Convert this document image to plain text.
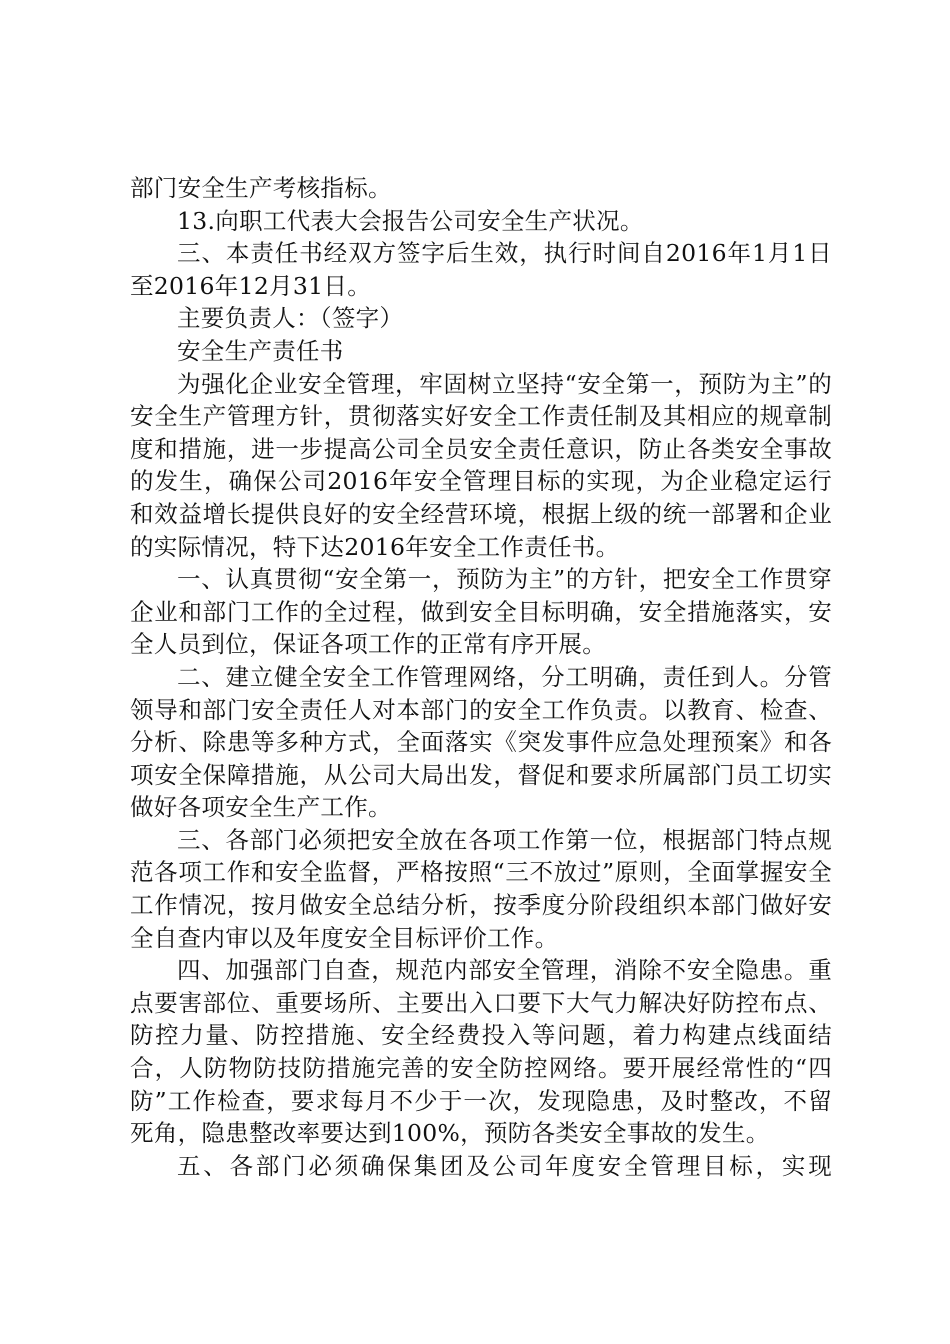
部门安全生产考核指标。

13.向职工代表大会报告公司安全生产状况。

三、本责任书经双方签字后生效，执行时间自2016年1月1日至2016年12月31日。

主要负责人：（签字）

安全生产责任书

为强化企业安全管理，牢固树立坚持“安全第一，预防为主”的安全生产管理方针，贯彻落实好安全工作责任制及其相应的规章制度和措施，进一步提高公司全员安全责任意识，防止各类安全事故的发生，确保公司2016年安全管理目标的实现，为企业稳定运行和效益增长提供良好的安全经营环境，根据上级的统一部署和企业的实际情况，特下达2016年安全工作责任书。

一、认真贯彻“安全第一，预防为主”的方针，把安全工作贯穿企业和部门工作的全过程，做到安全目标明确，安全措施落实，安全人员到位，保证各项工作的正常有序开展。

二、建立健全安全工作管理网络，分工明确，责任到人。分管领导和部门安全责任人对本部门的安全工作负责。以教育、检查、分析、除患等多种方式，全面落实《突发事件应急处理预案》和各项安全保障措施，从公司大局出发，督促和要求所属部门员工切实做好各项安全生产工作。

三、各部门必须把安全放在各项工作第一位，根据部门特点规范各项工作和安全监督，严格按照“三不放过”原则，全面掌握安全工作情况，按月做安全总结分析，按季度分阶段组织本部门做好安全自查内审以及年度安全目标评价工作。

四、加强部门自查，规范内部安全管理，消除不安全隐患。重点要害部位、重要场所、主要出入口要下大气力解决好防控布点、防控力量、防控措施、安全经费投入等问题，着力构建点线面结合，人防物防技防措施完善的安全防控网络。要开展经常性的“四防”工作检查，要求每月不少于一次，发现隐患，及时整改，不留死角，隐患整改率要达到100%，预防各类安全事故的发生。

五、各部门必须确保集团及公司年度安全管理目标，实现
